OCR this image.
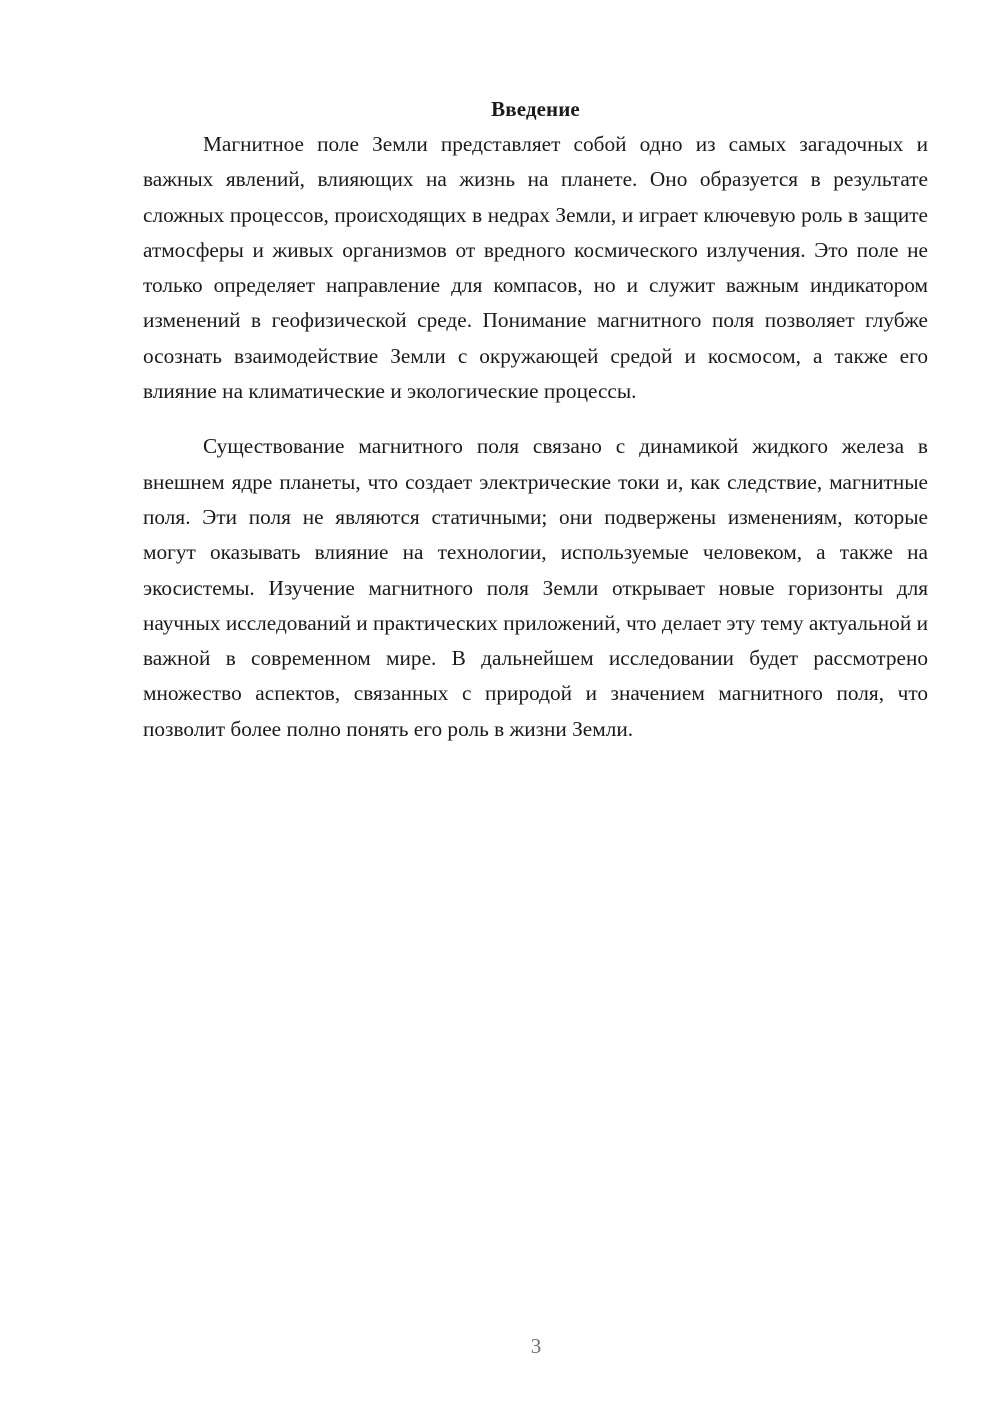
Введение

Магнитное поле Земли представляет собой одно из самых загадочных и важных явлений, влияющих на жизнь на планете. Оно образуется в результате сложных процессов, происходящих в недрах Земли, и играет ключевую роль в защите атмосферы и живых организмов от вредного космического излучения. Это поле не только определяет направление для компасов, но и служит важным индикатором изменений в геофизической среде. Понимание магнитного поля позволяет глубже осознать взаимодействие Земли с окружающей средой и космосом, а также его влияние на климатические и экологические процессы.

Существование магнитного поля связано с динамикой жидкого железа в внешнем ядре планеты, что создает электрические токи и, как следствие, магнитные поля. Эти поля не являются статичными; они подвержены изменениям, которые могут оказывать влияние на технологии, используемые человеком, а также на экосистемы. Изучение магнитного поля Земли открывает новые горизонты для научных исследований и практических приложений, что делает эту тему актуальной и важной в современном мире. В дальнейшем исследовании будет рассмотрено множество аспектов, связанных с природой и значением магнитного поля, что позволит более полно понять его роль в жизни Земли.

3
